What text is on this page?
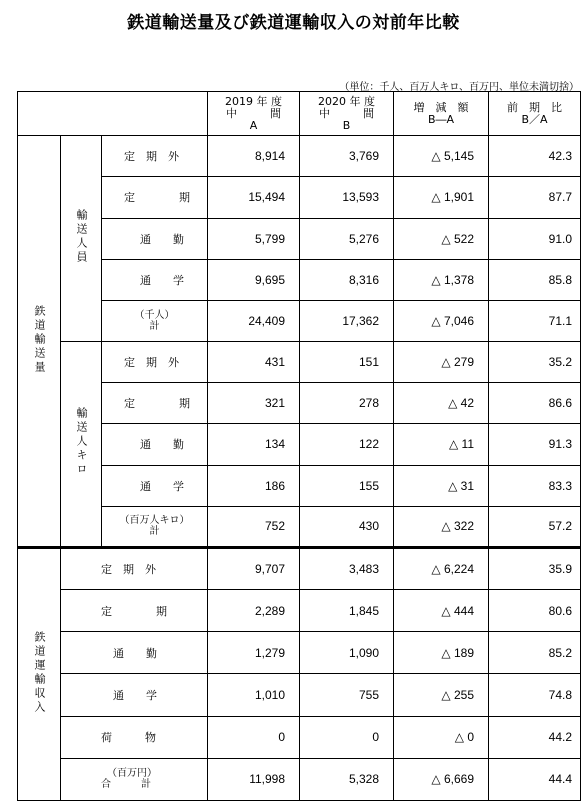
鉄道輸送量及び鉄道運輸収入の対前年比較
（単位：千人、百万人キロ、百万円、単位未満切捨）

			2019 年 度
中　　　間
A	2020 年 度
中　　　間
B	増　減　額
B―A	前　期　比
B／A

鉄道輸送量	輸送人員	定　期　外	8,914	3,769	△ 5,145	42.3
		定　　　　期	15,494	13,593	△ 1,901	87.7
		通　　勤	5,799	5,276	△ 522	91.0
		通　　学	9,695	8,316	△ 1,378	85.8

		（千人）
計	24,409	17,362	△ 7,046	71.1
	輸送人キロ	定　期　外	431	151	△ 279	35.2
		定　　　　期	321	278	△ 42	86.6
		通　　勤	134	122	△ 11	91.3
		通　　学	186	155	△ 31	83.3

		（百万人キロ）
計	752	430	△ 322	57.2
鉄道運輸収入	定　期　外		9,707	3,483	△ 6,224	35.9
	定　　　　期		2,289	1,845	△ 444	80.6
	通　　勤		1,279	1,090	△ 189	85.2
	通　　学		1,010	755	△ 255	74.8
	荷　　　物		0	0	△ 0	44.2

	（百万円）
合　　　計		11,998	5,328	△ 6,669	44.4
